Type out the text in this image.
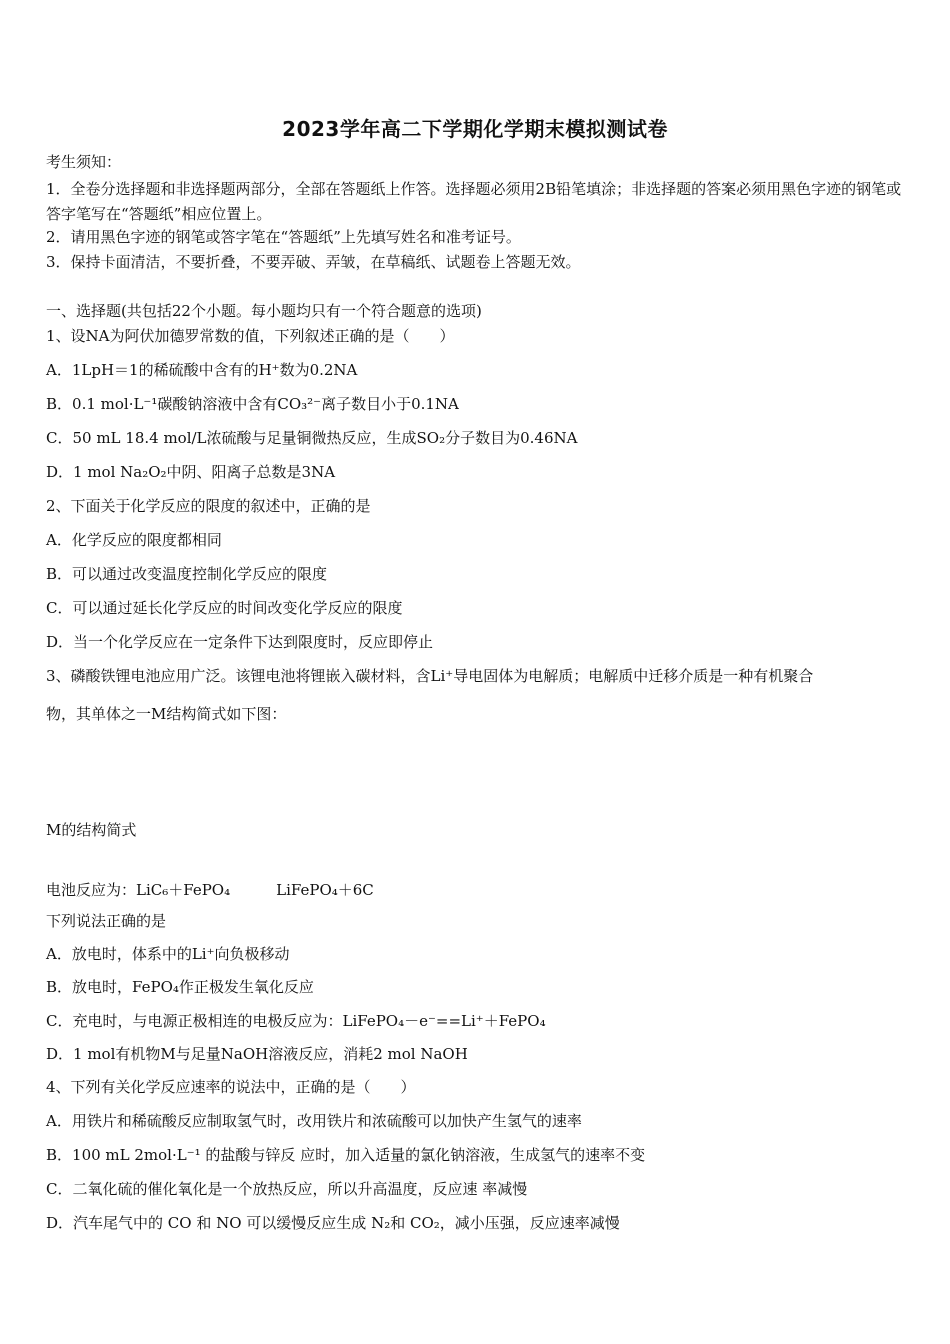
2023学年高二下学期化学期末模拟测试卷
考生须知：
1．全卷分选择题和非选择题两部分，全部在答题纸上作答。选择题必须用2B铅笔填涂；非选择题的答案必须用黑色字迹的钢笔或答字笔写在“答题纸”相应位置上。
2．请用黑色字迹的钢笔或答字笔在“答题纸”上先填写姓名和准考证号。
3．保持卡面清洁，不要折叠，不要弄破、弄皱，在草稿纸、试题卷上答题无效。
一、选择题(共包括22个小题。每小题均只有一个符合题意的选项)
1、设NA为阿伏加德罗常数的值，下列叙述正确的是（　　）
A．1LpH＝1的稀硫酸中含有的H⁺数为0.2NA
B．0.1 mol·L⁻¹碳酸钠溶液中含有CO₃²⁻离子数目小于0.1NA
C．50 mL 18.4 mol/L浓硫酸与足量铜微热反应，生成SO₂分子数目为0.46NA
D．1 mol Na₂O₂中阴、阳离子总数是3NA
2、下面关于化学反应的限度的叙述中，正确的是
A．化学反应的限度都相同
B．可以通过改变温度控制化学反应的限度
C．可以通过延长化学反应的时间改变化学反应的限度
D．当一个化学反应在一定条件下达到限度时，反应即停止
3、磷酸铁锂电池应用广泛。该锂电池将锂嵌入碳材料，含Li⁺导电固体为电解质；电解质中迁移介质是一种有机聚合
物，其单体之一M结构简式如下图：
M的结构简式
电池反应为：LiC₆＋FePO₄	LiFePO₄＋6C
下列说法正确的是
A．放电时，体系中的Li⁺向负极移动
B．放电时，FePO₄作正极发生氧化反应
C．充电时，与电源正极相连的电极反应为：LiFePO₄－e⁻==Li⁺＋FePO₄
D．1 mol有机物M与足量NaOH溶液反应，消耗2 mol NaOH
4、下列有关化学反应速率的说法中，正确的是（　　）
A．用铁片和稀硫酸反应制取氢气时，改用铁片和浓硫酸可以加快产生氢气的速率
B．100 mL 2mol·L⁻¹ 的盐酸与锌反 应时，加入适量的氯化钠溶液，生成氢气的速率不变
C．二氧化硫的催化氧化是一个放热反应，所以升高温度，反应速 率减慢
D．汽车尾气中的 CO 和 NO 可以缓慢反应生成 N₂和 CO₂，减小压强，反应速率减慢
